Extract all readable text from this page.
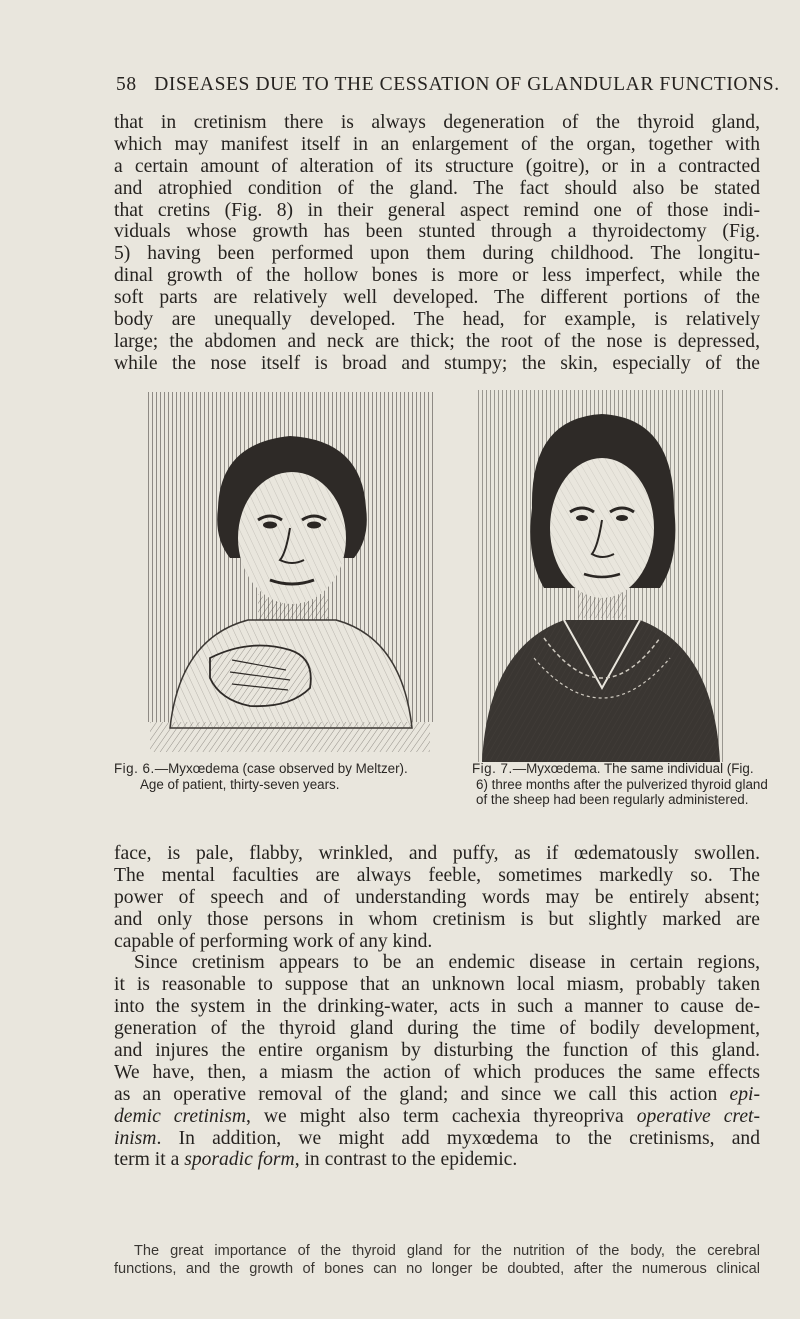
58 DISEASES DUE TO THE CESSATION OF GLANDULAR FUNCTIONS.
that in cretinism there is always degeneration of the thyroid gland,
which may manifest itself in an enlargement of the organ, together with
a certain amount of alteration of its structure (goitre), or in a contracted
and atrophied condition of the gland. The fact should also be stated
that cretins (Fig. 8) in their general aspect remind one of those indi-
viduals whose growth has been stunted through a thyroidectomy (Fig.
5) having been performed upon them during childhood. The longitu-
dinal growth of the hollow bones is more or less imperfect, while the
soft parts are relatively well developed. The different portions of the
body are unequally developed. The head, for example, is relatively
large; the abdomen and neck are thick; the root of the nose is depressed,
while the nose itself is broad and stumpy; the skin, especially of the
Fig. 6.—Myxœdema (case observed by Meltzer).
Age of patient, thirty-seven years.
Fig. 7.—Myxœdema. The same individual (Fig.
6) three months after the pulverized thyroid gland
of the sheep had been regularly administered.
face, is pale, flabby, wrinkled, and puffy, as if œdematously swollen.
The mental faculties are always feeble, sometimes markedly so. The
power of speech and of understanding words may be entirely absent;
and only those persons in whom cretinism is but slightly marked are
capable of performing work of any kind.
Since cretinism appears to be an endemic disease in certain regions,
it is reasonable to suppose that an unknown local miasm, probably taken
into the system in the drinking-water, acts in such a manner to cause de-
generation of the thyroid gland during the time of bodily development,
and injures the entire organism by disturbing the function of this gland.
We have, then, a miasm the action of which produces the same effects
as an operative removal of the gland; and since we call this action epi-
demic cretinism, we might also term cachexia thyreopriva operative cret-
inism. In addition, we might add myxœdema to the cretinisms, and
term it a sporadic form, in contrast to the epidemic.
The great importance of the thyroid gland for the nutrition of the body, the cerebral
functions, and the growth of bones can no longer be doubted, after the numerous clinical
